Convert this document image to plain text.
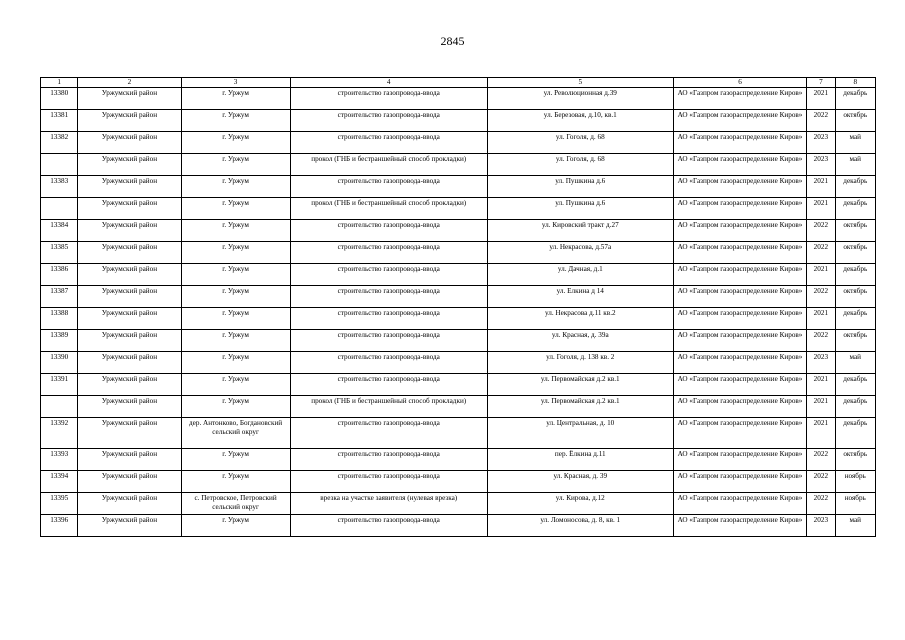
2845
1	2	3	4	5	6	7	8
13380	Уржумский район	г. Уржум	строительство газопровода-ввода	ул. Революционная д.39	АО «Газпром газораспределение Киров»	2021	декабрь
13381	Уржумский район	г. Уржум	строительство газопровода-ввода	ул. Березовая, д.10, кв.1	АО «Газпром газораспределение Киров»	2022	октябрь
13382	Уржумский район	г. Уржум	строительство газопровода-ввода	ул. Гоголя, д. 68	АО «Газпром газораспределение Киров»	2023	май
	Уржумский район	г. Уржум	прокол (ГНБ и бестраншейный способ прокладки)	ул. Гоголя, д. 68	АО «Газпром газораспределение Киров»	2023	май
13383	Уржумский район	г. Уржум	строительство газопровода-ввода	ул. Пушкина д.6	АО «Газпром газораспределение Киров»	2021	декабрь
	Уржумский район	г. Уржум	прокол (ГНБ и бестраншейный способ прокладки)	ул. Пушкина д.6	АО «Газпром газораспределение Киров»	2021	декабрь
13384	Уржумский район	г. Уржум	строительство газопровода-ввода	ул. Кировский тракт д.27	АО «Газпром газораспределение Киров»	2022	октябрь
13385	Уржумский район	г. Уржум	строительство газопровода-ввода	ул. Некрасова, д.57а	АО «Газпром газораспределение Киров»	2022	октябрь
13386	Уржумский район	г. Уржум	строительство газопровода-ввода	ул. Дачная, д.1	АО «Газпром газораспределение Киров»	2021	декабрь
13387	Уржумский район	г. Уржум	строительство газопровода-ввода	ул. Елкина д 14	АО «Газпром газораспределение Киров»	2022	октябрь
13388	Уржумский район	г. Уржум	строительство газопровода-ввода	ул. Некрасова д.11 кв.2	АО «Газпром газораспределение Киров»	2021	декабрь
13389	Уржумский район	г. Уржум	строительство газопровода-ввода	ул. Красная, д. 39а	АО «Газпром газораспределение Киров»	2022	октябрь
13390	Уржумский район	г. Уржум	строительство газопровода-ввода	ул. Гоголя, д. 138 кв. 2	АО «Газпром газораспределение Киров»	2023	май
13391	Уржумский район	г. Уржум	строительство газопровода-ввода	ул. Первомайская д.2 кв.1	АО «Газпром газораспределение Киров»	2021	декабрь
	Уржумский район	г. Уржум	прокол (ГНБ и бестраншейный способ прокладки)	ул. Первомайская д.2 кв.1	АО «Газпром газораспределение Киров»	2021	декабрь
13392	Уржумский район	дер. Антонково, Богдановский сельский округ	строительство газопровода-ввода	ул. Центральная, д. 10	АО «Газпром газораспределение Киров»	2021	декабрь
13393	Уржумский район	г. Уржум	строительство газопровода-ввода	пер. Ёлкина д.11	АО «Газпром газораспределение Киров»	2022	октябрь
13394	Уржумский район	г. Уржум	строительство газопровода-ввода	ул. Красная, д. 39	АО «Газпром газораспределение Киров»	2022	ноябрь
13395	Уржумский район	с. Петровское, Петровский сельский округ	врезка на участке заявителя (нулевая врезка)	ул. Кирова, д.12	АО «Газпром газораспределение Киров»	2022	ноябрь
13396	Уржумский район	г. Уржум	строительство газопровода-ввода	ул. Ломоносова, д. 8, кв. 1	АО «Газпром газораспределение Киров»	2023	май
